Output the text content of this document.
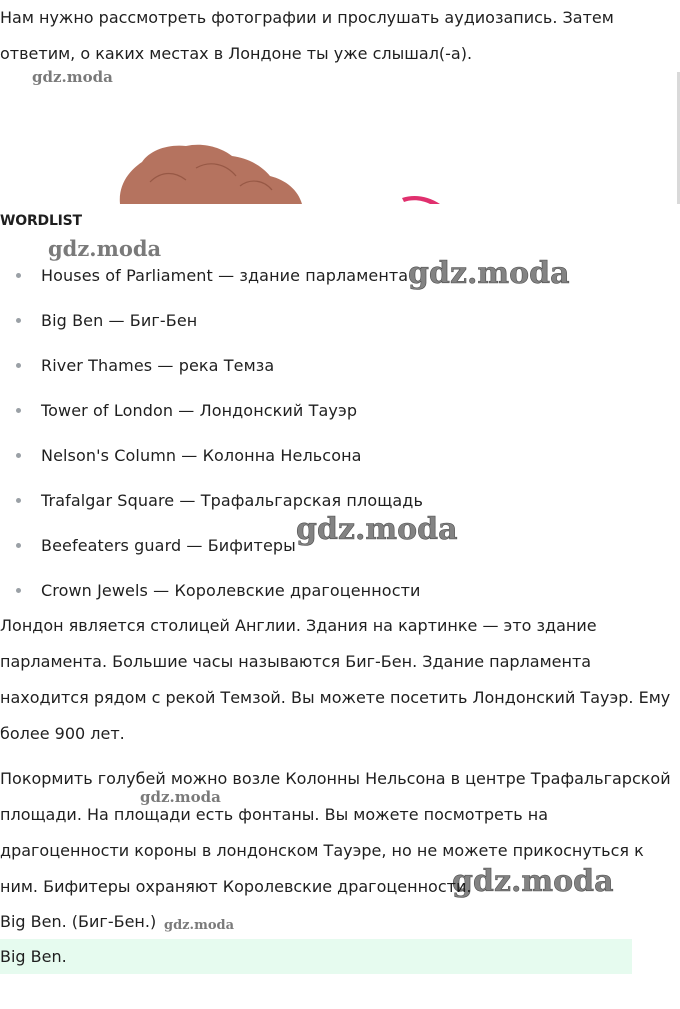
Нам нужно рассмотреть фотографии и прослушать аудиозапись. Затем ответим, о каких местах в Лондоне ты уже слышал(-а).

WORDLIST
Houses of Parliament — здание парламента
Big Ben — Биг-Бен
River Thames — река Темза
Tower of London — Лондонский Тауэр
Nelson's Column — Колонна Нельсона
Trafalgar Square — Трафальгарская площадь
Beefeaters guard — Бифитеры
Crown Jewels — Королевские драгоценности

Лондон является столицей Англии. Здания на картинке — это здание парламента. Большие часы называются Биг-Бен. Здание парламента находится рядом с рекой Темзой. Вы можете посетить Лондонский Тауэр. Ему более 900 лет.

Покормить голубей можно возле Колонны Нельсона в центре Трафальгарской площади. На площади есть фонтаны. Вы можете посмотреть на драгоценности короны в лондонском Тауэре, но не можете прикоснуться к ним. Бифитеры охраняют Королевские драгоценности.

Big Ben. (Биг-Бен.)

Big Ben.
gdz.moda
gdz.moda
gdz.moda
gdz.moda
gdz.moda
gdz.moda
gdz.moda
